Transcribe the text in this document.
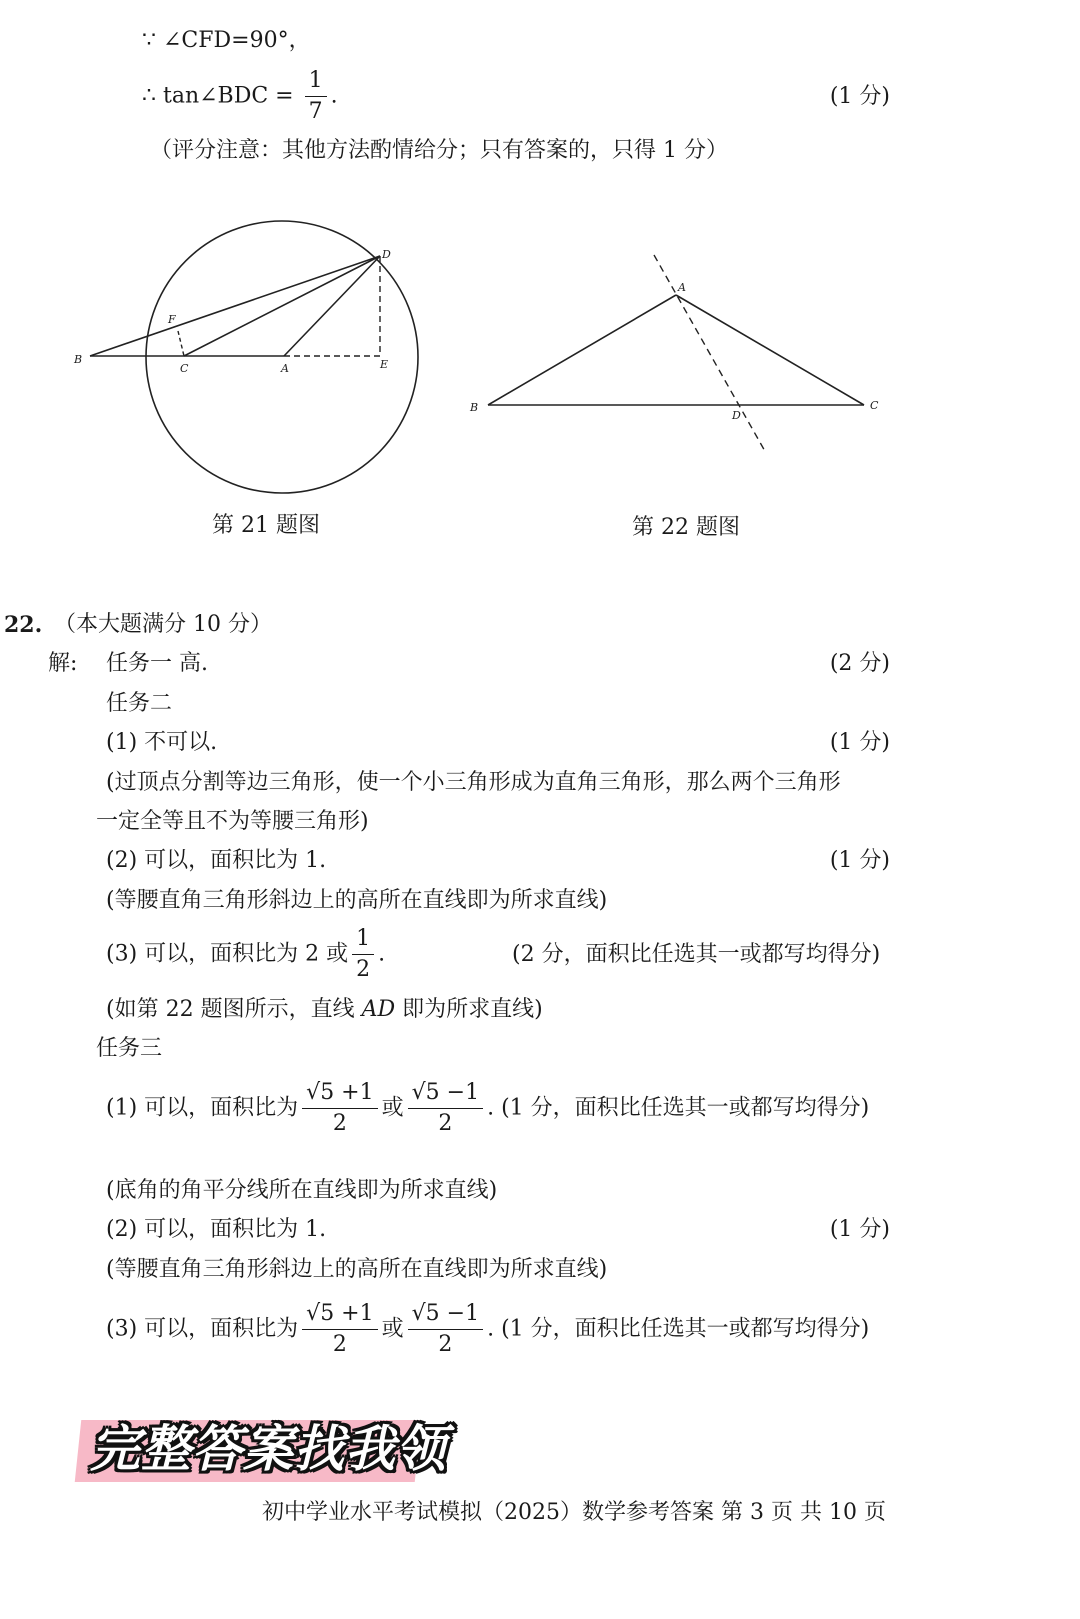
∵ ∠CFD=90°，
∴ tan∠BDC = $\frac{1}{7}$ .	(1 分)
（评分注意：其他方法酌情给分；只有答案的，只得 1 分）
B
C	A	E
F
D
第 21 题图
A
B	C
D
第 22 题图
22. （本大题满分 10 分）
解: 任务一 高.	(2 分)
任务二
(1) 不可以.	(1 分)
(过顶点分割等边三角形，使一个小三角形成为直角三角形，那么两个三角形
一定全等且不为等腰三角形)
(2) 可以，面积比为 1.	(1 分)
(等腰直角三角形斜边上的高所在直线即为所求直线)
(3) 可以，面积比为 2 或 $\frac{1}{2}$ .	(2 分，面积比任选其一或都写均得分)
(如第 22 题图所示，直线 AD 即为所求直线)
任务三
(1) 可以，面积比为 $\frac{√5 +1}{2}$ 或 $\frac{√5 -1}{2}$ . (1 分，面积比任选其一或都写均得分)
(底角的角平分线所在直线即为所求直线)
(2) 可以，面积比为 1.	(1 分)
(等腰直角三角形斜边上的高所在直线即为所求直线)
(3) 可以，面积比为 $\frac{√5 +1}{2}$ 或 $\frac{√5 -1}{2}$ . (1 分，面积比任选其一或都写均得分)
完整答案找我领
初中学业水平考试模拟（2025）数学参考答案 第 3 页 共 10 页
